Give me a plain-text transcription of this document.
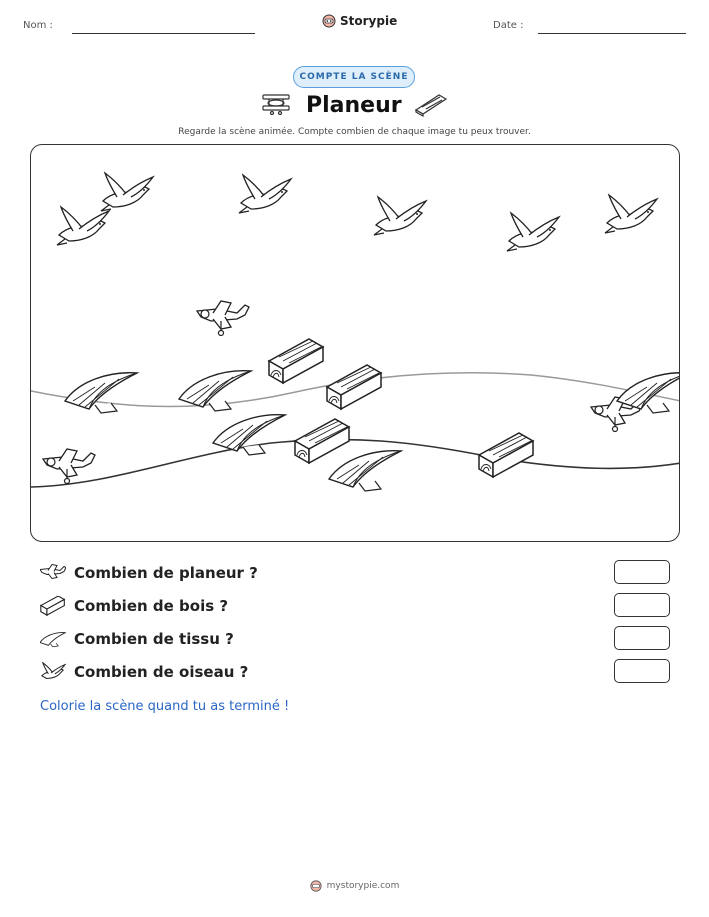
Nom :	Storypie	Date :
COMPTE LA SCÈNE
Planeur
Regarde la scène animée. Compte combien de chaque image tu peux trouver.
Combien de planeur ?
Combien de bois ?
Combien de tissu ?
Combien de oiseau ?
Colorie la scène quand tu as terminé !
mystorypie.com
